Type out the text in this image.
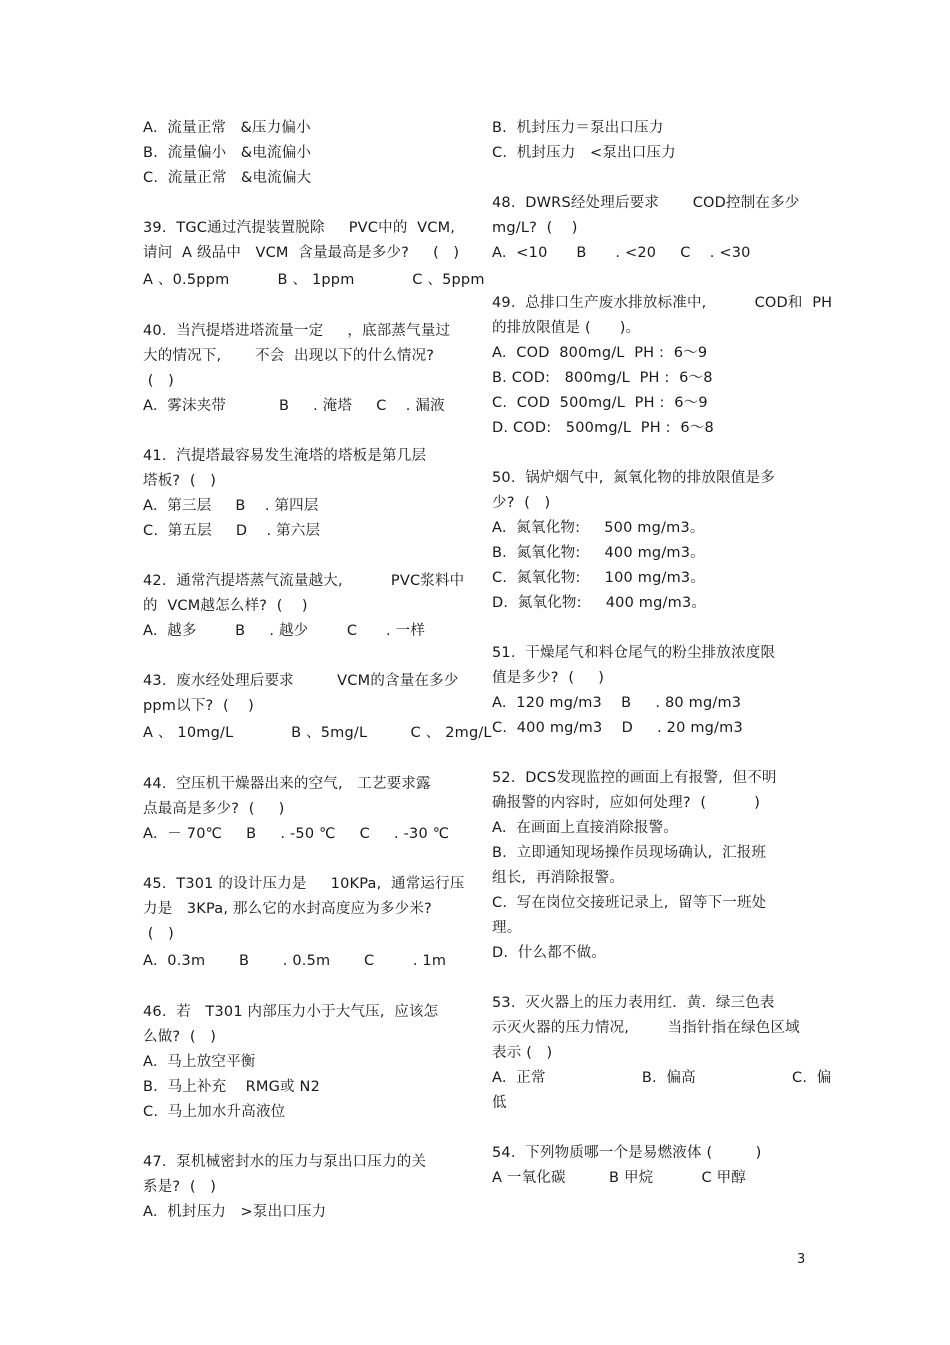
A.  流量正常   &压力偏小
B.  流量偏小   &电流偏小
C.  流量正常   &电流偏大
39.  TGC通过汽提装置脱除     PVC中的  VCM,
请问  A 级品中   VCM  含量最高是多少?     (   )
A 、0.5ppm          B 、 1ppm            C 、5ppm
40.  当汽提塔进塔流量一定     ，底部蒸气量过
大的情况下,       不会  出现以下的什么情况?
(   )
A.  雾沫夹带           B     . 淹塔     C    . 漏液
41.  汽提塔最容易发生淹塔的塔板是第几层
塔板?  (   )
A.  第三层     B    . 第四层
C.  第五层     D    . 第六层
42.  通常汽提塔蒸气流量越大,          PVC浆料中
的  VCM越怎么样?  (    )
A.  越多        B     . 越少        C      . 一样
43.  废水经处理后要求         VCM的含量在多少
ppm以下?  (    )
A 、 10mg/L            B 、5mg/L         C 、 2mg/L
44.  空压机干燥器出来的空气,   工艺要求露
点最高是多少?  (     )
A.  － 70℃     B     . -50 ℃     C     . -30 ℃
45.  T301 的设计压力是     10KPa,  通常运行压
力是   3KPa, 那么它的水封高度应为多少米?
(   )
A.  0.3m       B       . 0.5m       C        . 1m
46.  若   T301 内部压力小于大气压,  应该怎
么做?  (   )
A.  马上放空平衡
B.  马上补充    RMG或 N2
C.  马上加水升高液位
47.  泵机械密封水的压力与泵出口压力的关
系是?  (   )
A.  机封压力   >泵出口压力
B.  机封压力＝泵出口压力
C.  机封压力   <泵出口压力
48.  DWRS经处理后要求       COD控制在多少
mg/L?  (    )
A.  <10      B      . <20     C    . <30
49.  总排口生产废水排放标准中,          COD和  PH
的排放限值是 (      )。
A.  COD  800mg/L  PH :  6～9
B. COD:   800mg/L  PH :  6～8
C.  COD  500mg/L  PH :  6～9
D. COD:   500mg/L  PH :  6～8
50.  锅炉烟气中,  氮氧化物的排放限值是多
少?  (   )
A.  氮氧化物:     500 mg/m3。
B.  氮氧化物:     400 mg/m3。
C.  氮氧化物:     100 mg/m3。
D.  氮氧化物:     400 mg/m3。
51.  干燥尾气和料仓尾气的粉尘排放浓度限
值是多少?  (     )
A.  120 mg/m3    B     . 80 mg/m3
C.  400 mg/m3    D     . 20 mg/m3
52.  DCS发现监控的画面上有报警,  但不明
确报警的内容时,  应如何处理?  (          )
A.  在画面上直接消除报警。
B.  立即通知现场操作员现场确认,  汇报班
组长,  再消除报警。
C.  写在岗位交接班记录上,  留等下一班处
理。
D.  什么都不做。
53.  灭火器上的压力表用红.  黄.  绿三色表
示灭火器的压力情况,        当指针指在绿色区域
表示 (   )
A.  正常                    B.  偏高                    C.  偏
低
54.  下列物质哪一个是易燃液体 (         )
A 一氧化碳         B 甲烷          C 甲醇
3
